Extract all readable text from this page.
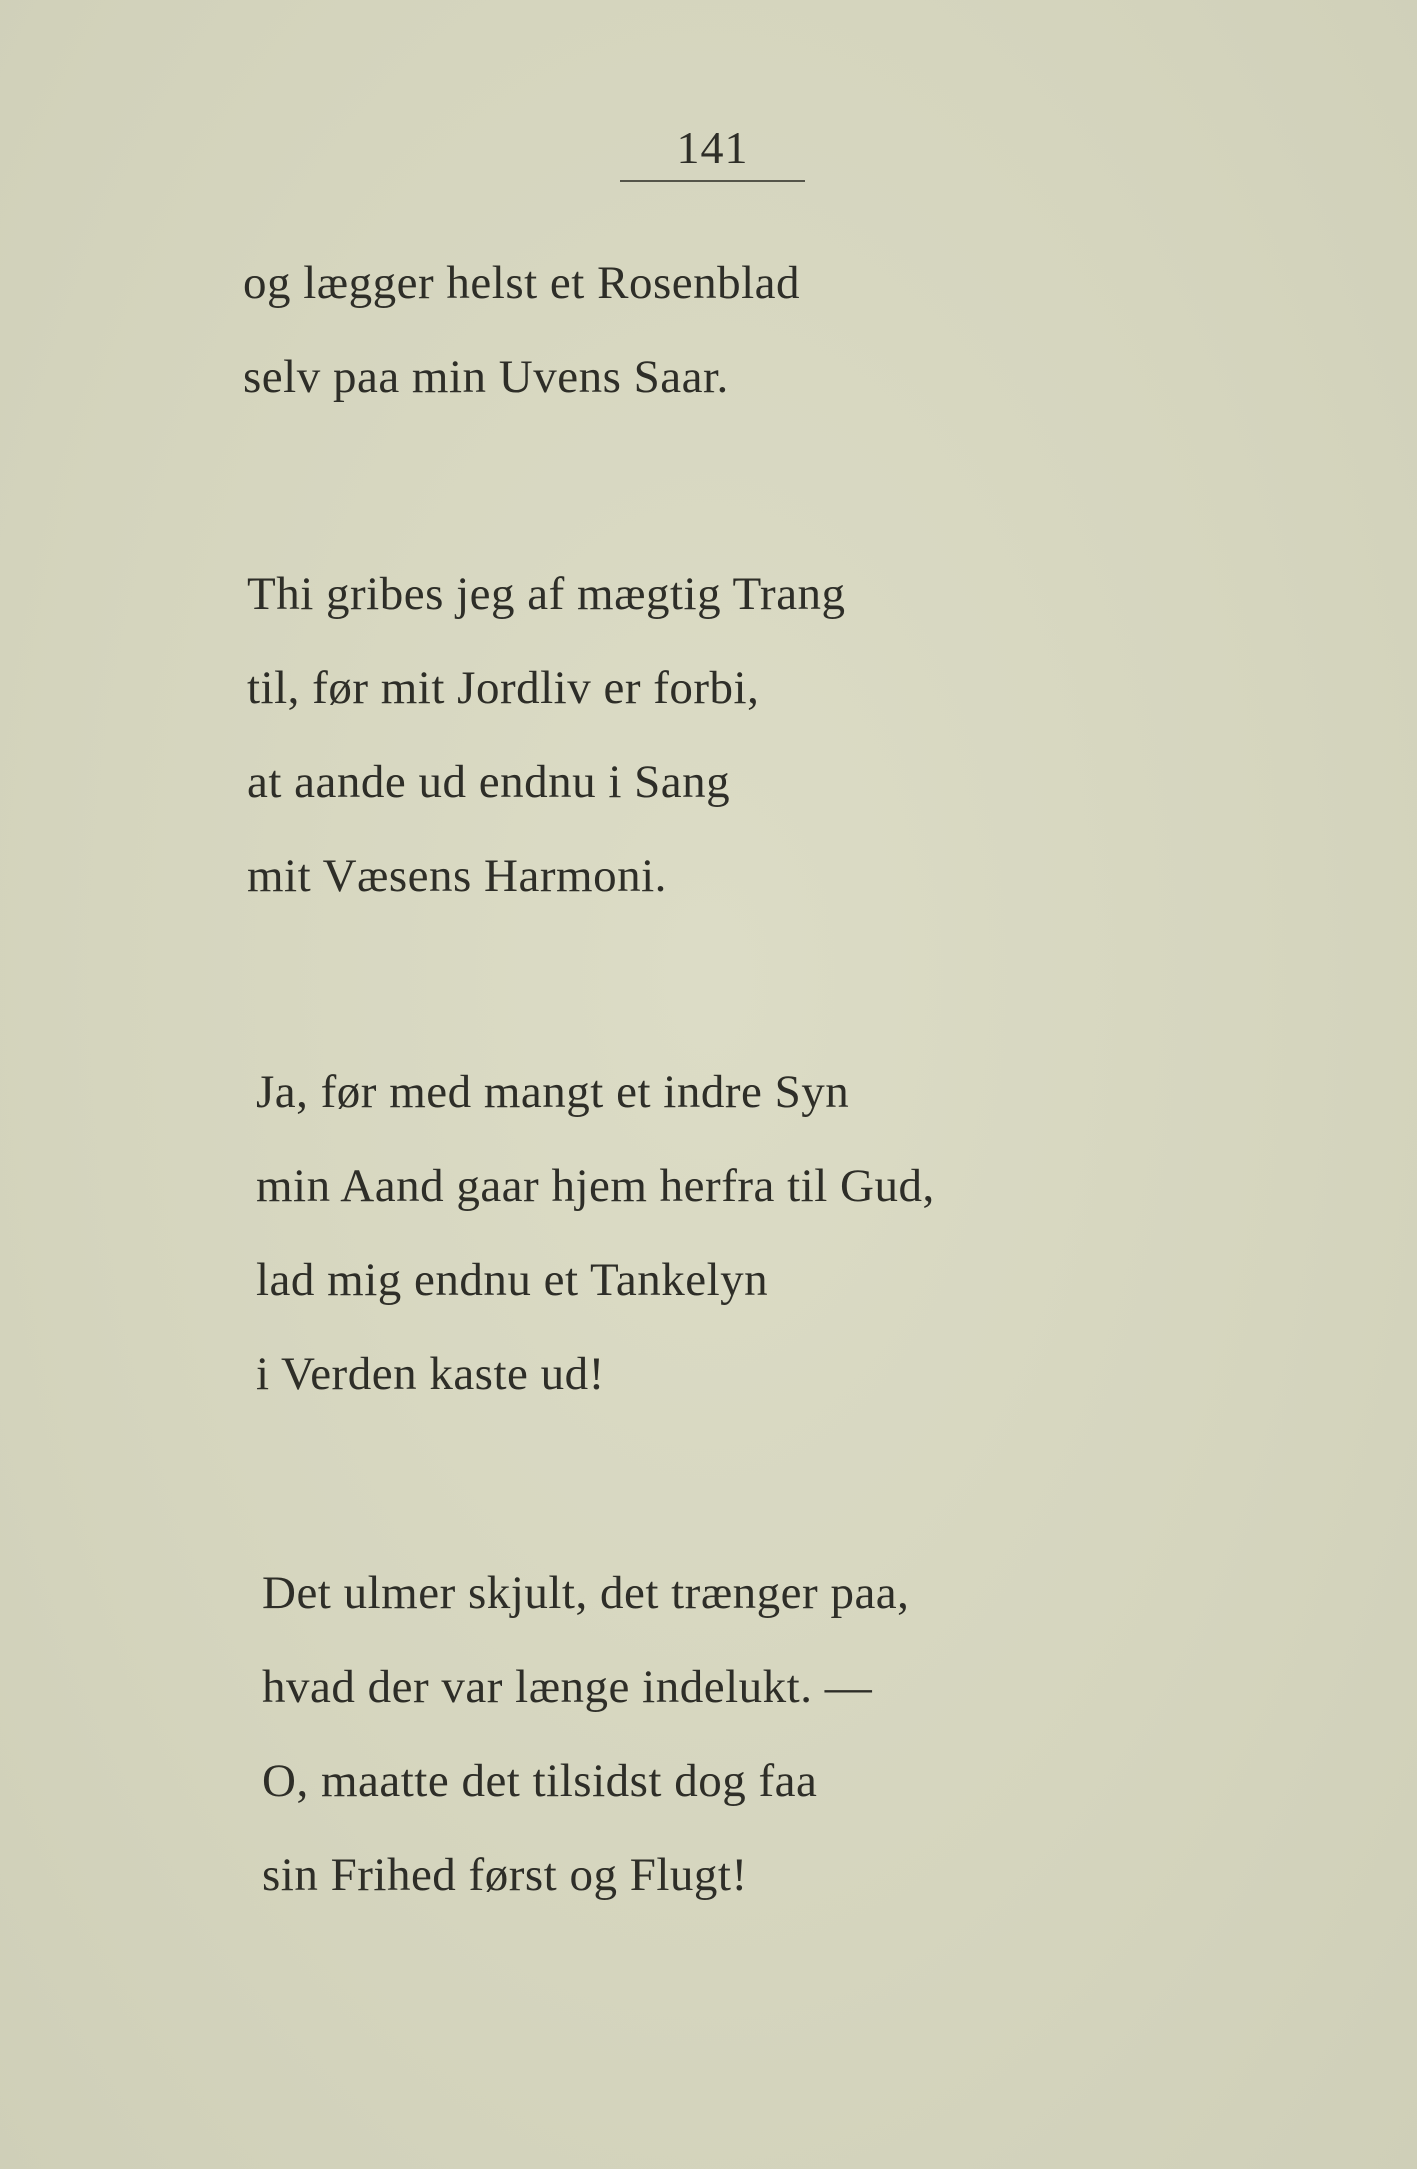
141
og lægger helst et Rosenblad
selv paa min Uvens Saar.
Thi gribes jeg af mægtig Trang
til, før mit Jordliv er forbi,
at aande ud endnu i Sang
mit Væsens Harmoni.
Ja, før med mangt et indre Syn
min Aand gaar hjem herfra til Gud,
lad mig endnu et Tankelyn
i Verden kaste ud!
Det ulmer skjult, det trænger paa,
hvad der var længe indelukt. —
O, maatte det tilsidst dog faa
sin Frihed først og Flugt!
